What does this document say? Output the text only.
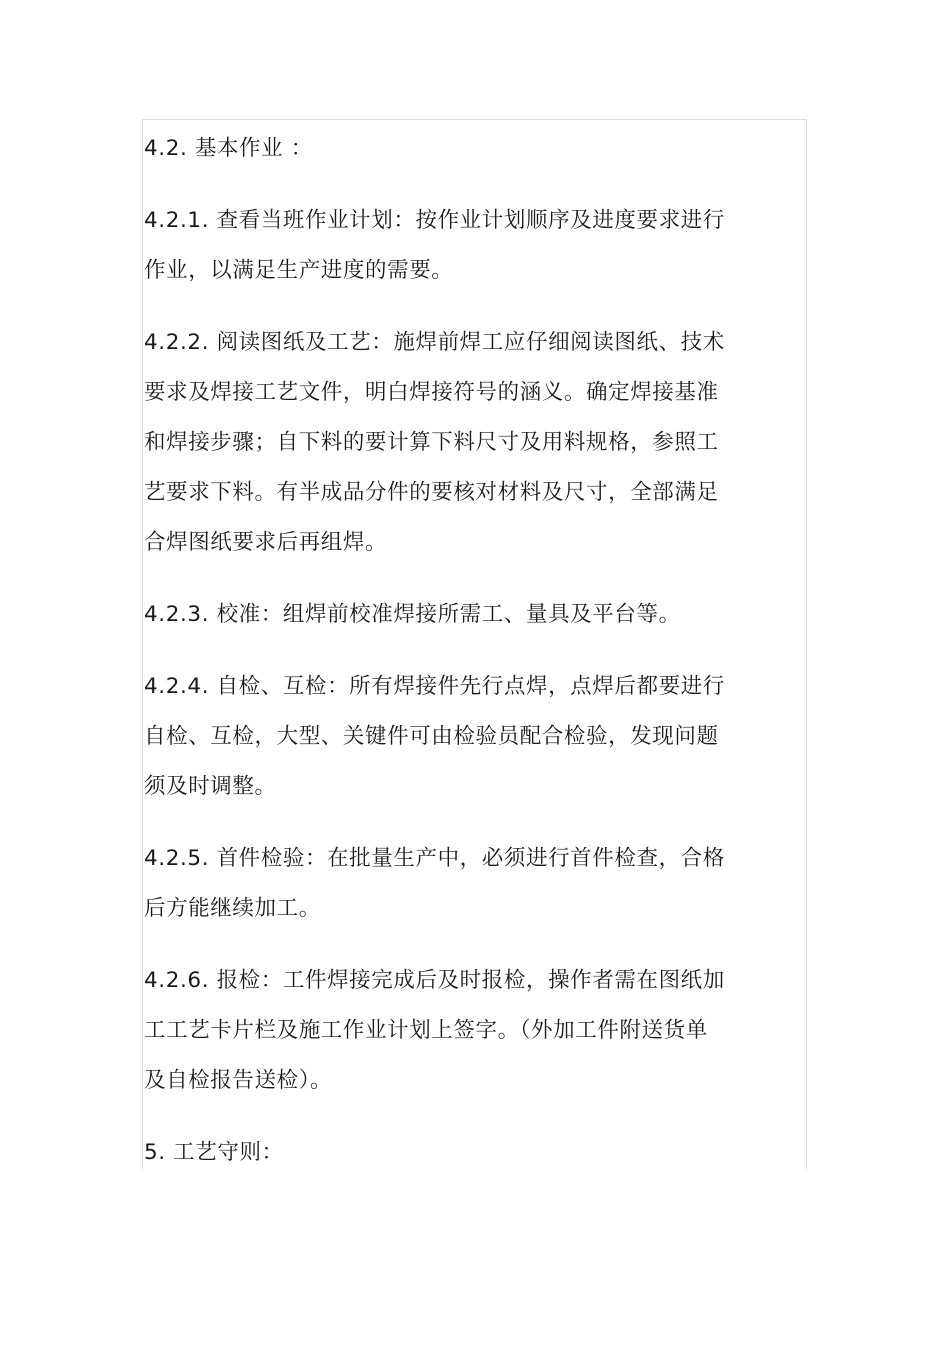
4.2. 基本作业 ：

4.2.1. 查看当班作业计划：按作业计划顺序及进度要求进行
作业，以满足生产进度的需要。

4.2.2. 阅读图纸及工艺：施焊前焊工应仔细阅读图纸、技术
要求及焊接工艺文件，明白焊接符号的涵义。确定焊接基准
和焊接步骤；自下料的要计算下料尺寸及用料规格，参照工
艺要求下料。有半成品分件的要核对材料及尺寸，全部满足
合焊图纸要求后再组焊。

4.2.3. 校准：组焊前校准焊接所需工、量具及平台等。

4.2.4. 自检、互检：所有焊接件先行点焊，点焊后都要进行
自检、互检，大型、关键件可由检验员配合检验，发现问题
须及时调整。

4.2.5. 首件检验：在批量生产中，必须进行首件检查，合格
后方能继续加工。

4.2.6. 报检：工件焊接完成后及时报检，操作者需在图纸加
工工艺卡片栏及施工作业计划上签字。（外加工件附送货单
及自检报告送检）。

5. 工艺守则：
